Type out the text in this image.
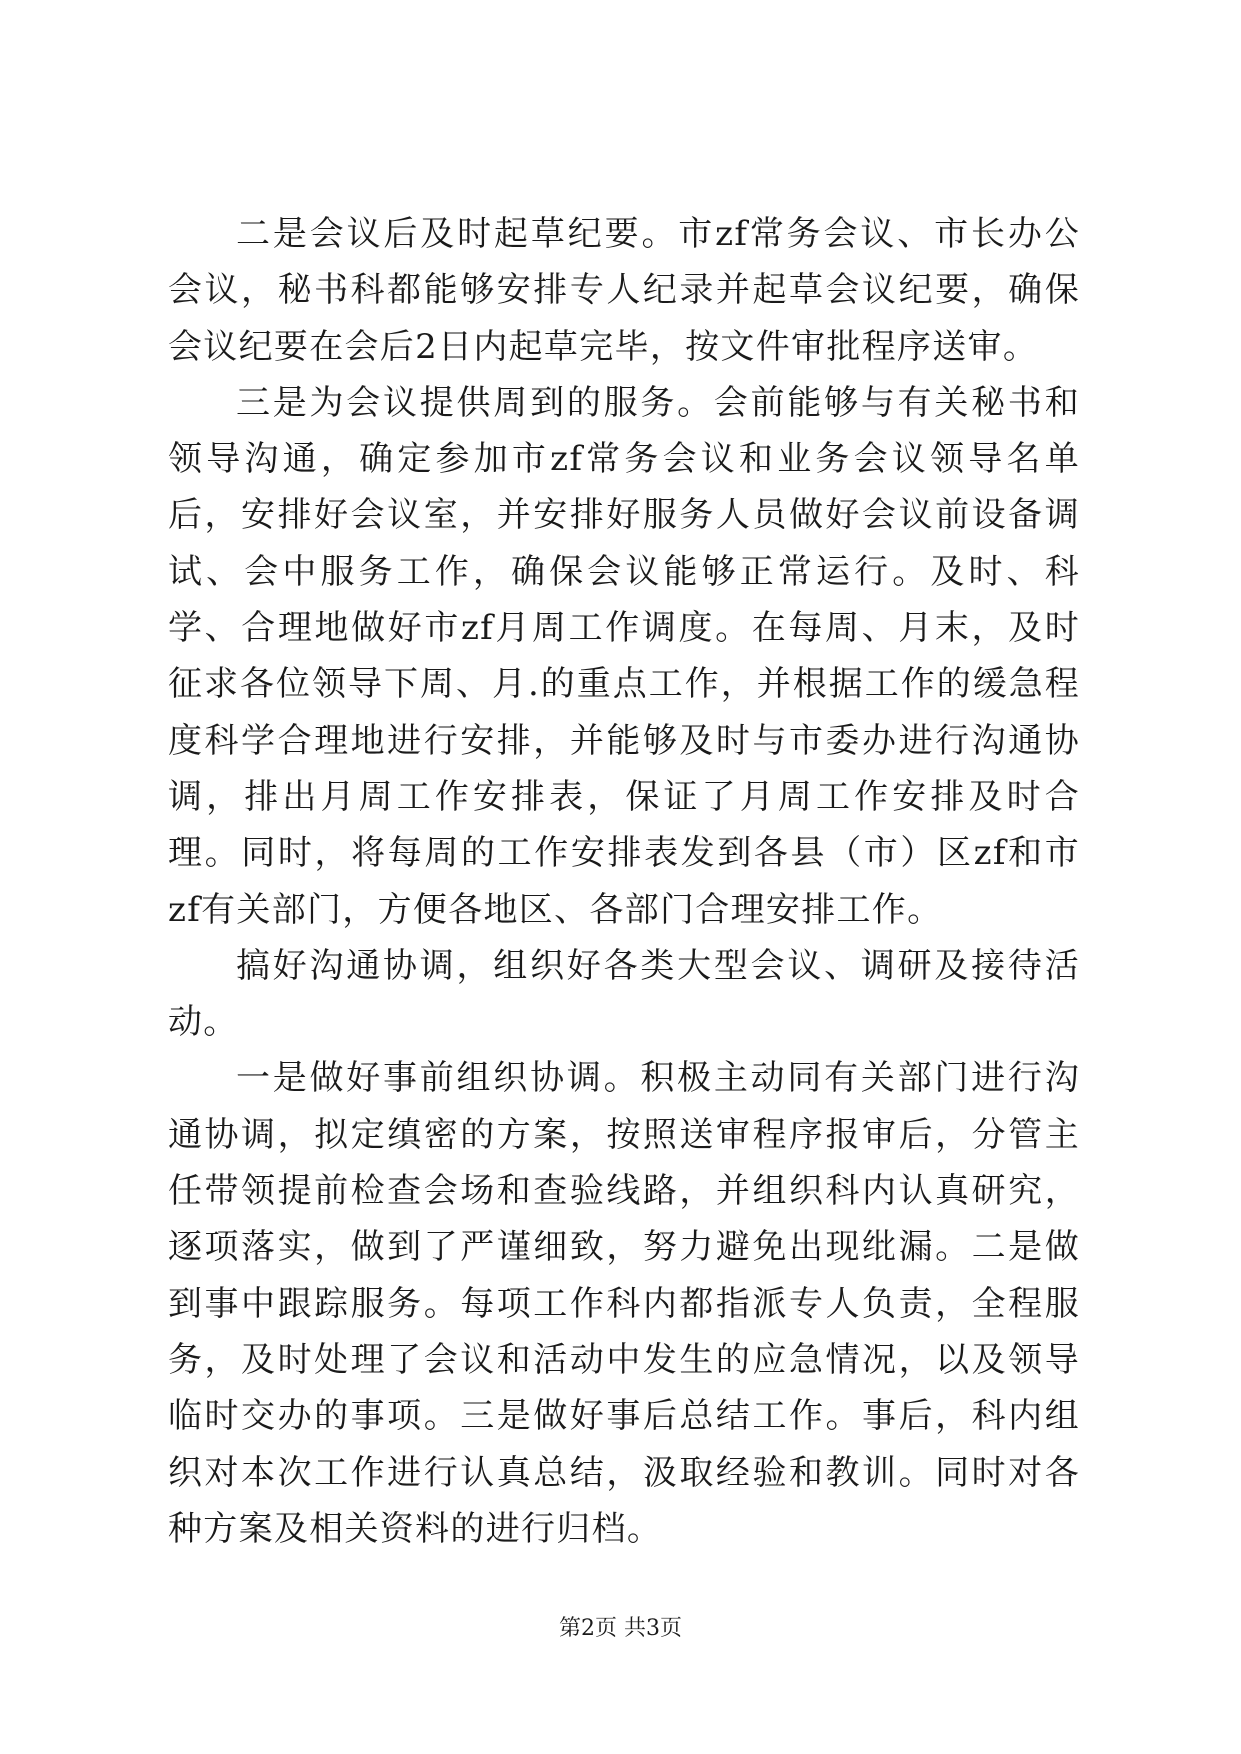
二是会议后及时起草纪要。市zf常务会议、市长办公会议，秘书科都能够安排专人纪录并起草会议纪要，确保会议纪要在会后2日内起草完毕，按文件审批程序送审。

三是为会议提供周到的服务。会前能够与有关秘书和领导沟通，确定参加市zf常务会议和业务会议领导名单后，安排好会议室，并安排好服务人员做好会议前设备调试、会中服务工作，确保会议能够正常运行。及时、科学、合理地做好市zf月周工作调度。在每周、月末，及时征求各位领导下周、月.的重点工作，并根据工作的缓急程度科学合理地进行安排，并能够及时与市委办进行沟通协调，排出月周工作安排表，保证了月周工作安排及时合理。同时，将每周的工作安排表发到各县（市）区zf和市zf有关部门，方便各地区、各部门合理安排工作。

搞好沟通协调，组织好各类大型会议、调研及接待活动。

一是做好事前组织协调。积极主动同有关部门进行沟通协调，拟定缜密的方案，按照送审程序报审后，分管主任带领提前检查会场和查验线路，并组织科内认真研究，逐项落实，做到了严谨细致，努力避免出现纰漏。二是做到事中跟踪服务。每项工作科内都指派专人负责，全程服务，及时处理了会议和活动中发生的应急情况，以及领导临时交办的事项。三是做好事后总结工作。事后，科内组织对本次工作进行认真总结，汲取经验和教训。同时对各种方案及相关资料的进行归档。

第2页 共3页
